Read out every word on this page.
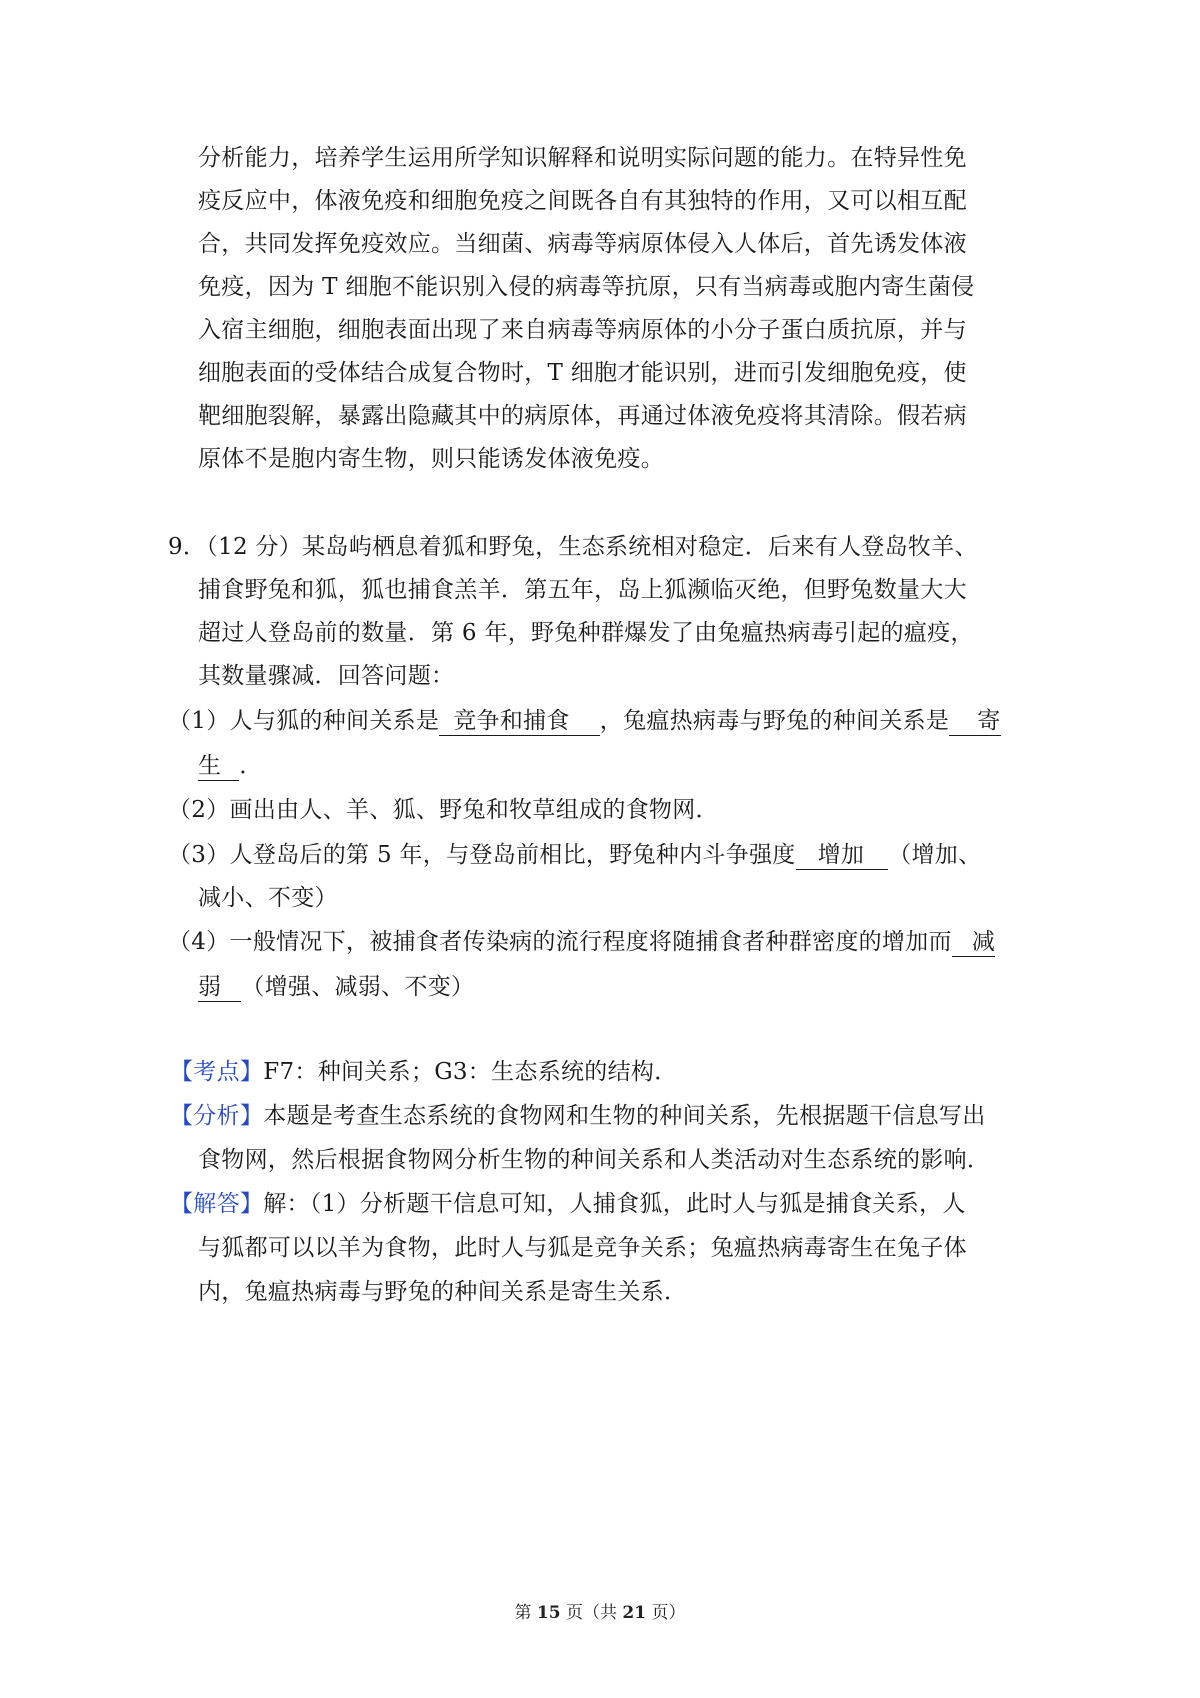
分析能力，培养学生运用所学知识解释和说明实际问题的能力。在特异性免
疫反应中，体液免疫和细胞免疫之间既各自有其独特的作用，又可以相互配
合，共同发挥免疫效应。当细菌、病毒等病原体侵入人体后，首先诱发体液
免疫，因为 T 细胞不能识别入侵的病毒等抗原，只有当病毒或胞内寄生菌侵
入宿主细胞，细胞表面出现了来自病毒等病原体的小分子蛋白质抗原，并与
细胞表面的受体结合成复合物时，T 细胞才能识别，进而引发细胞免疫，使
靶细胞裂解，暴露出隐藏其中的病原体，再通过体液免疫将其清除。假若病
原体不是胞内寄生物，则只能诱发体液免疫。
9．（12 分）某岛屿栖息着狐和野兔，生态系统相对稳定．后来有人登岛牧羊、
捕食野兔和狐，狐也捕食羔羊．第五年，岛上狐濒临灭绝，但野兔数量大大
超过人登岛前的数量．第 6 年，野兔种群爆发了由兔瘟热病毒引起的瘟疫，
其数量骤减．回答问题：
（1）人与狐的种间关系是 竞争和捕食 ，兔瘟热病毒与野兔的种间关系是 寄
生 ．
（2）画出由人、羊、狐、野兔和牧草组成的食物网．
（3）人登岛后的第 5 年，与登岛前相比，野兔种内斗争强度 增加 （增加、
减小、不变）
（4）一般情况下，被捕食者传染病的流行程度将随捕食者种群密度的增加而 减
弱 （增强、减弱、不变）
【考点】F7：种间关系；G3：生态系统的结构．
【分析】本题是考查生态系统的食物网和生物的种间关系，先根据题干信息写出
食物网，然后根据食物网分析生物的种间关系和人类活动对生态系统的影响．
【解答】解：（1）分析题干信息可知，人捕食狐，此时人与狐是捕食关系，人
与狐都可以以羊为食物，此时人与狐是竞争关系；兔瘟热病毒寄生在兔子体
内，兔瘟热病毒与野兔的种间关系是寄生关系．
第 15 页（共 21 页）
